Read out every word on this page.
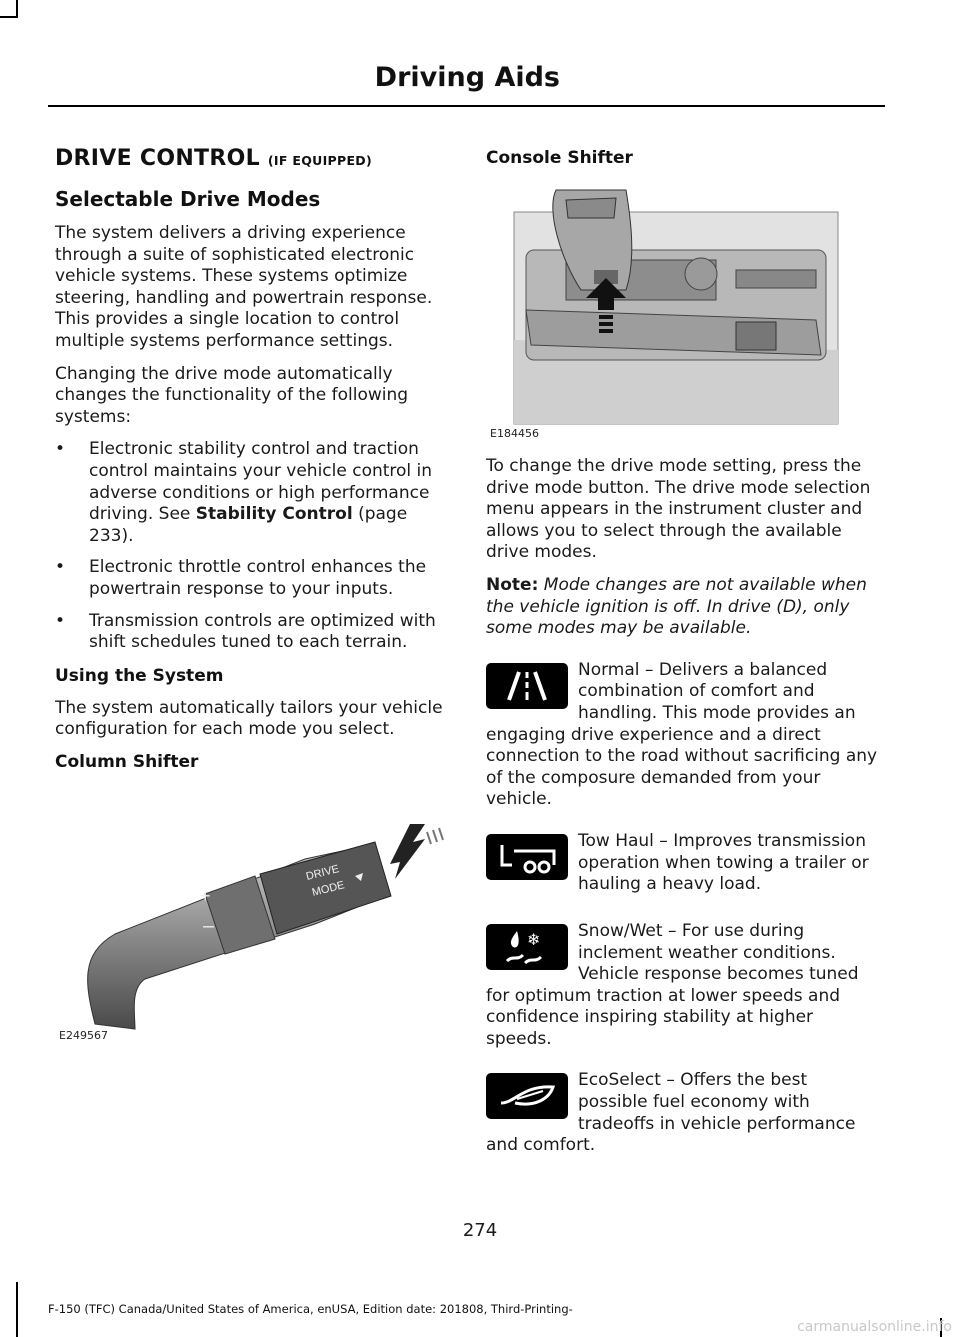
Driving Aids
DRIVE CONTROL (IF EQUIPPED)
Selectable Drive Modes

The system delivers a driving experience through a suite of sophisticated electronic vehicle systems. These systems optimize steering, handling and powertrain response. This provides a single location to control multiple systems performance settings.

Changing the drive mode automatically changes the functionality of the following systems:

• Electronic stability control and traction control maintains your vehicle control in adverse conditions or high performance driving. See Stability Control (page 233).
• Electronic throttle control enhances the powertrain response to your inputs.
• Transmission controls are optimized with shift schedules tuned to each terrain.
Using the System

The system automatically tailors your vehicle configuration for each mode you select.

Column Shifter
+
–
DRIVE
MODE
E249567
Console Shifter
E184456

To change the drive mode setting, press the drive mode button. The drive mode selection menu appears in the instrument cluster and allows you to select through the available drive modes.

Note: Mode changes are not available when the vehicle ignition is off. In drive (D), only some modes may be available.

Normal – Delivers a balanced combination of comfort and handling. This mode provides an engaging drive experience and a direct connection to the road without sacrificing any of the composure demanded from your vehicle.

Tow Haul – Improves transmission operation when towing a trailer or hauling a heavy load.

❄	Snow/Wet – For use during inclement weather conditions. Vehicle response becomes tuned for optimum traction at lower speeds and confidence inspiring stability at higher speeds.

EcoSelect – Offers the best possible fuel economy with tradeoffs in vehicle performance and comfort.

274
F-150 (TFC) Canada/United States of America, enUSA, Edition date: 201808, Third-Printing-
carmanualsonline.info
